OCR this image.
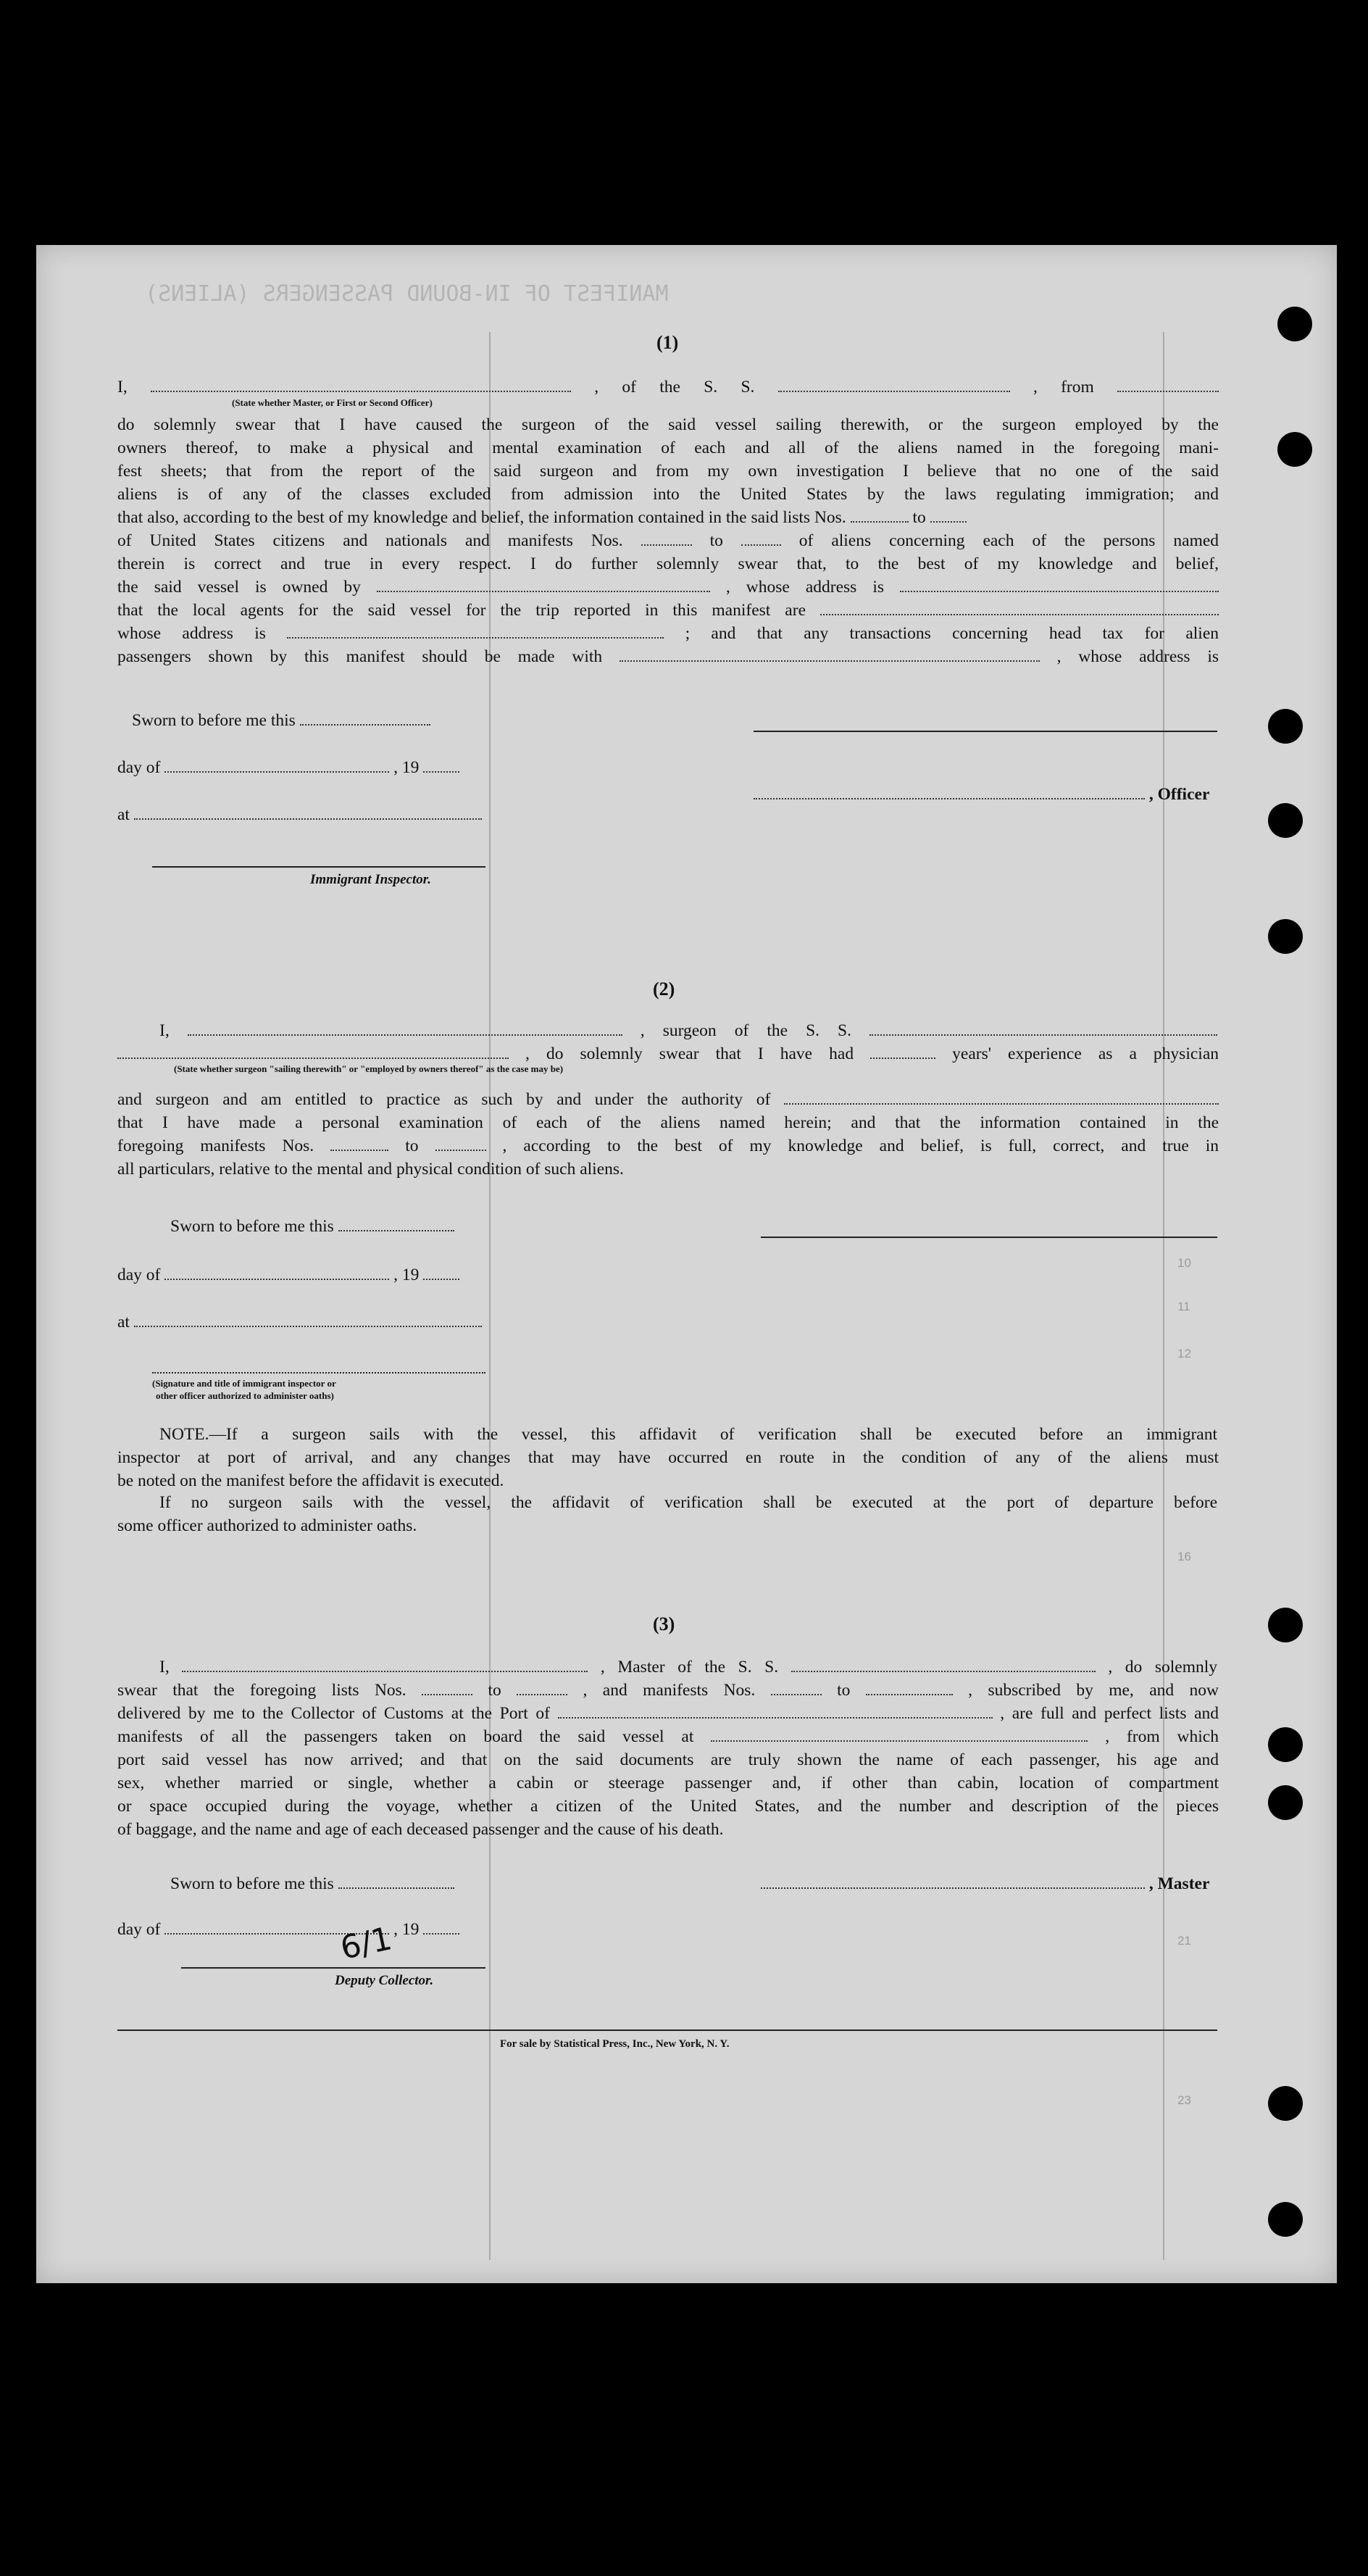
MANIFEST OF IN-BOUND PASSENGERS (ALIENS)
10
11
12
16
21
23
(1)
I,	, of the S. S.	, from
(State whether Master, or First or Second Officer)
do solemnly swear that I have caused the surgeon of the said vessel sailing therewith, or the surgeon employed by the
owners thereof, to make a physical and mental examination of each and all of the aliens named in the foregoing mani-
fest sheets; that from the report of the said surgeon and from my own investigation I believe that no one of the said
aliens is of any of the classes excluded from admission into the United States by the laws regulating immigration; and
that also, according to the best of my knowledge and belief, the information contained in the said lists Nos.	to
of United States citizens and nationals and manifests Nos.	to	of aliens concerning each of the persons named
therein is correct and true in every respect. I do further solemnly swear that, to the best of my knowledge and belief,
the said vessel is owned by	, whose address is
that the local agents for the said vessel for the trip reported in this manifest are
whose address is	; and that any transactions concerning head tax for alien
passengers shown by this manifest should be made with	, whose address is
Sworn to before me this
day of	, 19
, Officer
at
Immigrant Inspector.
(2)
I,	, surgeon of the S. S.
, do solemnly swear that I have had	years' experience as a physician
(State whether surgeon "sailing therewith" or "employed by owners thereof" as the case may be)
and surgeon and am entitled to practice as such by and under the authority of
that I have made a personal examination of each of the aliens named herein; and that the information contained in the
foregoing manifests Nos.	to	, according to the best of my knowledge and belief, is full, correct, and true in
all particulars, relative to the mental and physical condition of such aliens.
Sworn to before me this
day of	, 19
at
(Signature and title of immigrant inspector or
other officer authorized to administer oaths)
NOTE.—If a surgeon sails with the vessel, this affidavit of verification shall be executed before an immigrant
inspector at port of arrival, and any changes that may have occurred en route in the condition of any of the aliens must
be noted on the manifest before the affidavit is executed.
If no surgeon sails with the vessel, the affidavit of verification shall be executed at the port of departure before
some officer authorized to administer oaths.
(3)
I,	, Master of the S. S.	, do solemnly
swear that the foregoing lists Nos.	to	, and manifests Nos.	to	, subscribed by me, and now
delivered by me to the Collector of Customs at the Port of	, are full and perfect lists and
manifests of all the passengers taken on board the said vessel at	, from which
port said vessel has now arrived; and that on the said documents are truly shown the name of each passenger, his age and
sex, whether married or single, whether a cabin or steerage passenger and, if other than cabin, location of compartment
or space occupied during the voyage, whether a citizen of the United States, and the number and description of the pieces
of baggage, and the name and age of each deceased passenger and the cause of his death.
Sworn to before me this	, Master
day of	, 19
6/1
Deputy Collector.
For sale by Statistical Press, Inc., New York, N. Y.
